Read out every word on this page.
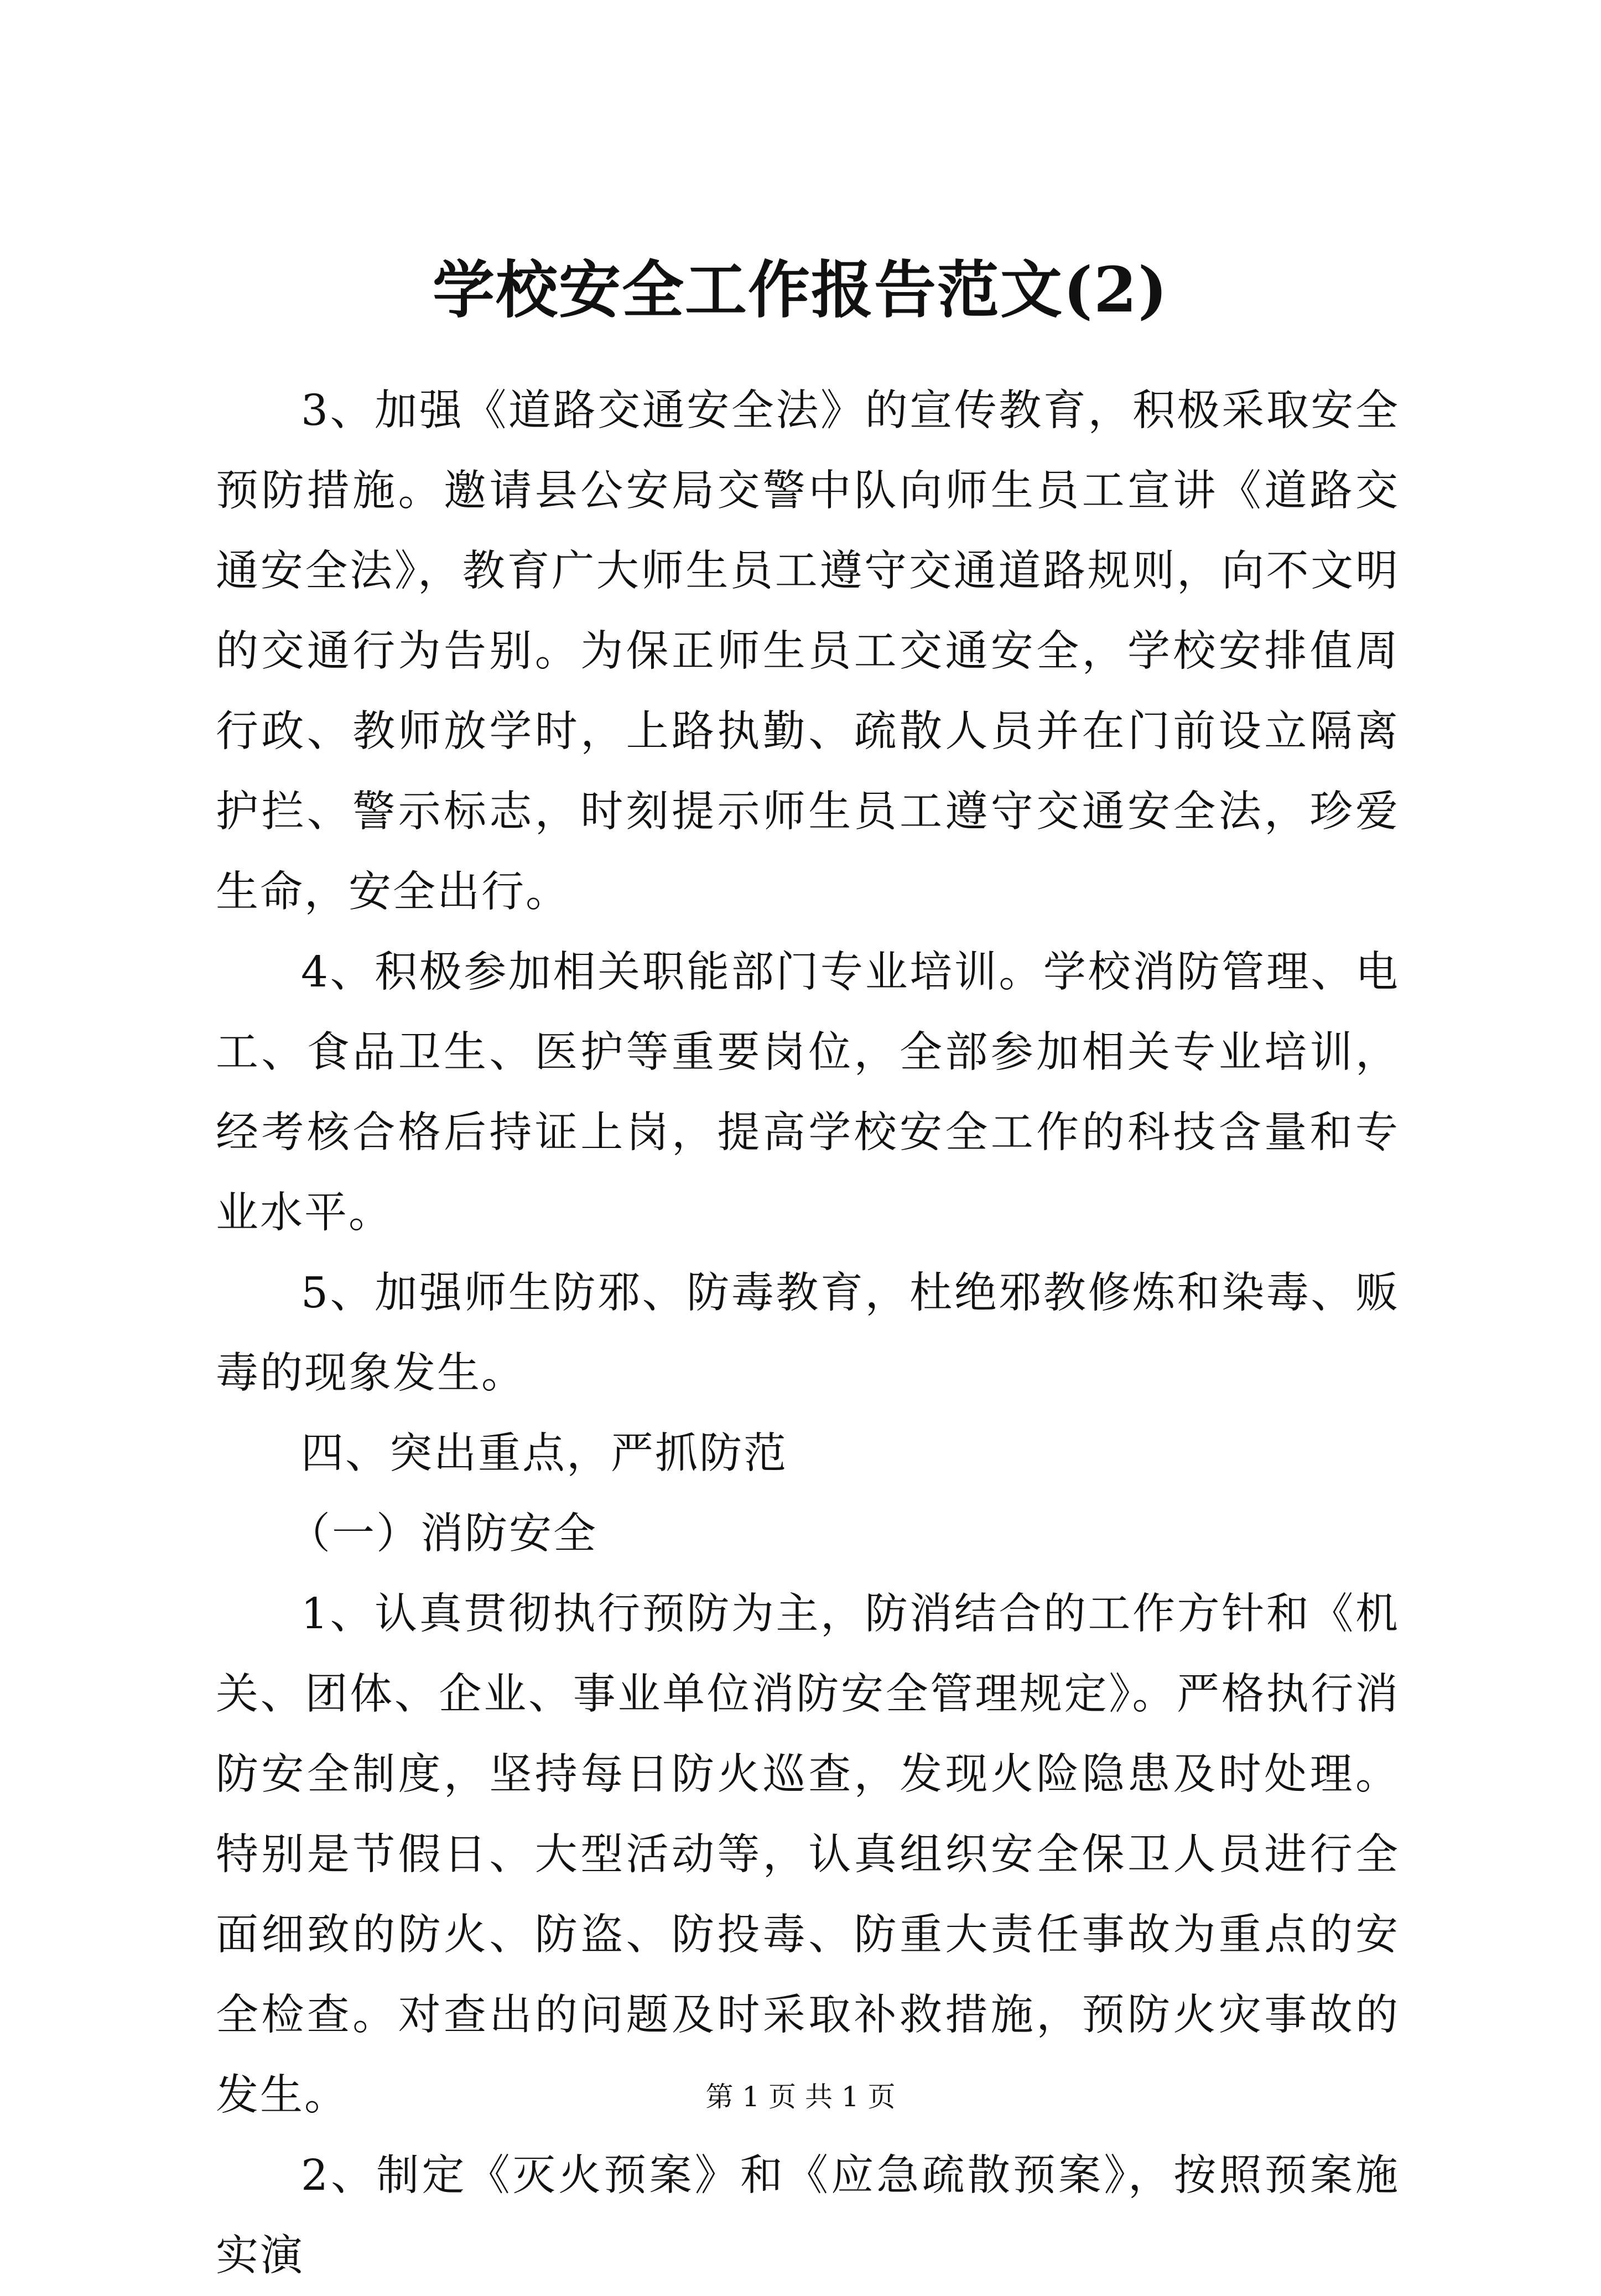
学校安全工作报告范文(2)

3、加强《道路交通安全法》的宣传教育，积极采取安全预防措施。邀请县公安局交警中队向师生员工宣讲《道路交通安全法》，教育广大师生员工遵守交通道路规则，向不文明的交通行为告别。为保正师生员工交通安全，学校安排值周行政、教师放学时，上路执勤、疏散人员并在门前设立隔离护拦、警示标志，时刻提示师生员工遵守交通安全法，珍爱生命，安全出行。

4、积极参加相关职能部门专业培训。学校消防管理、电工、食品卫生、医护等重要岗位，全部参加相关专业培训，经考核合格后持证上岗，提高学校安全工作的科技含量和专业水平。

5、加强师生防邪、防毒教育，杜绝邪教修炼和染毒、贩毒的现象发生。

四、突出重点，严抓防范

（一）消防安全

1、认真贯彻执行预防为主，防消结合的工作方针和《机关、团体、企业、事业单位消防安全管理规定》。严格执行消防安全制度，坚持每日防火巡查，发现火险隐患及时处理。特别是节假日、大型活动等，认真组织安全保卫人员进行全面细致的防火、防盗、防投毒、防重大责任事故为重点的安全检查。对查出的问题及时采取补救措施，预防火灾事故的发生。

2、制定《灭火预案》和《应急疏散预案》，按照预案施实演

第 1 页 共 1 页
